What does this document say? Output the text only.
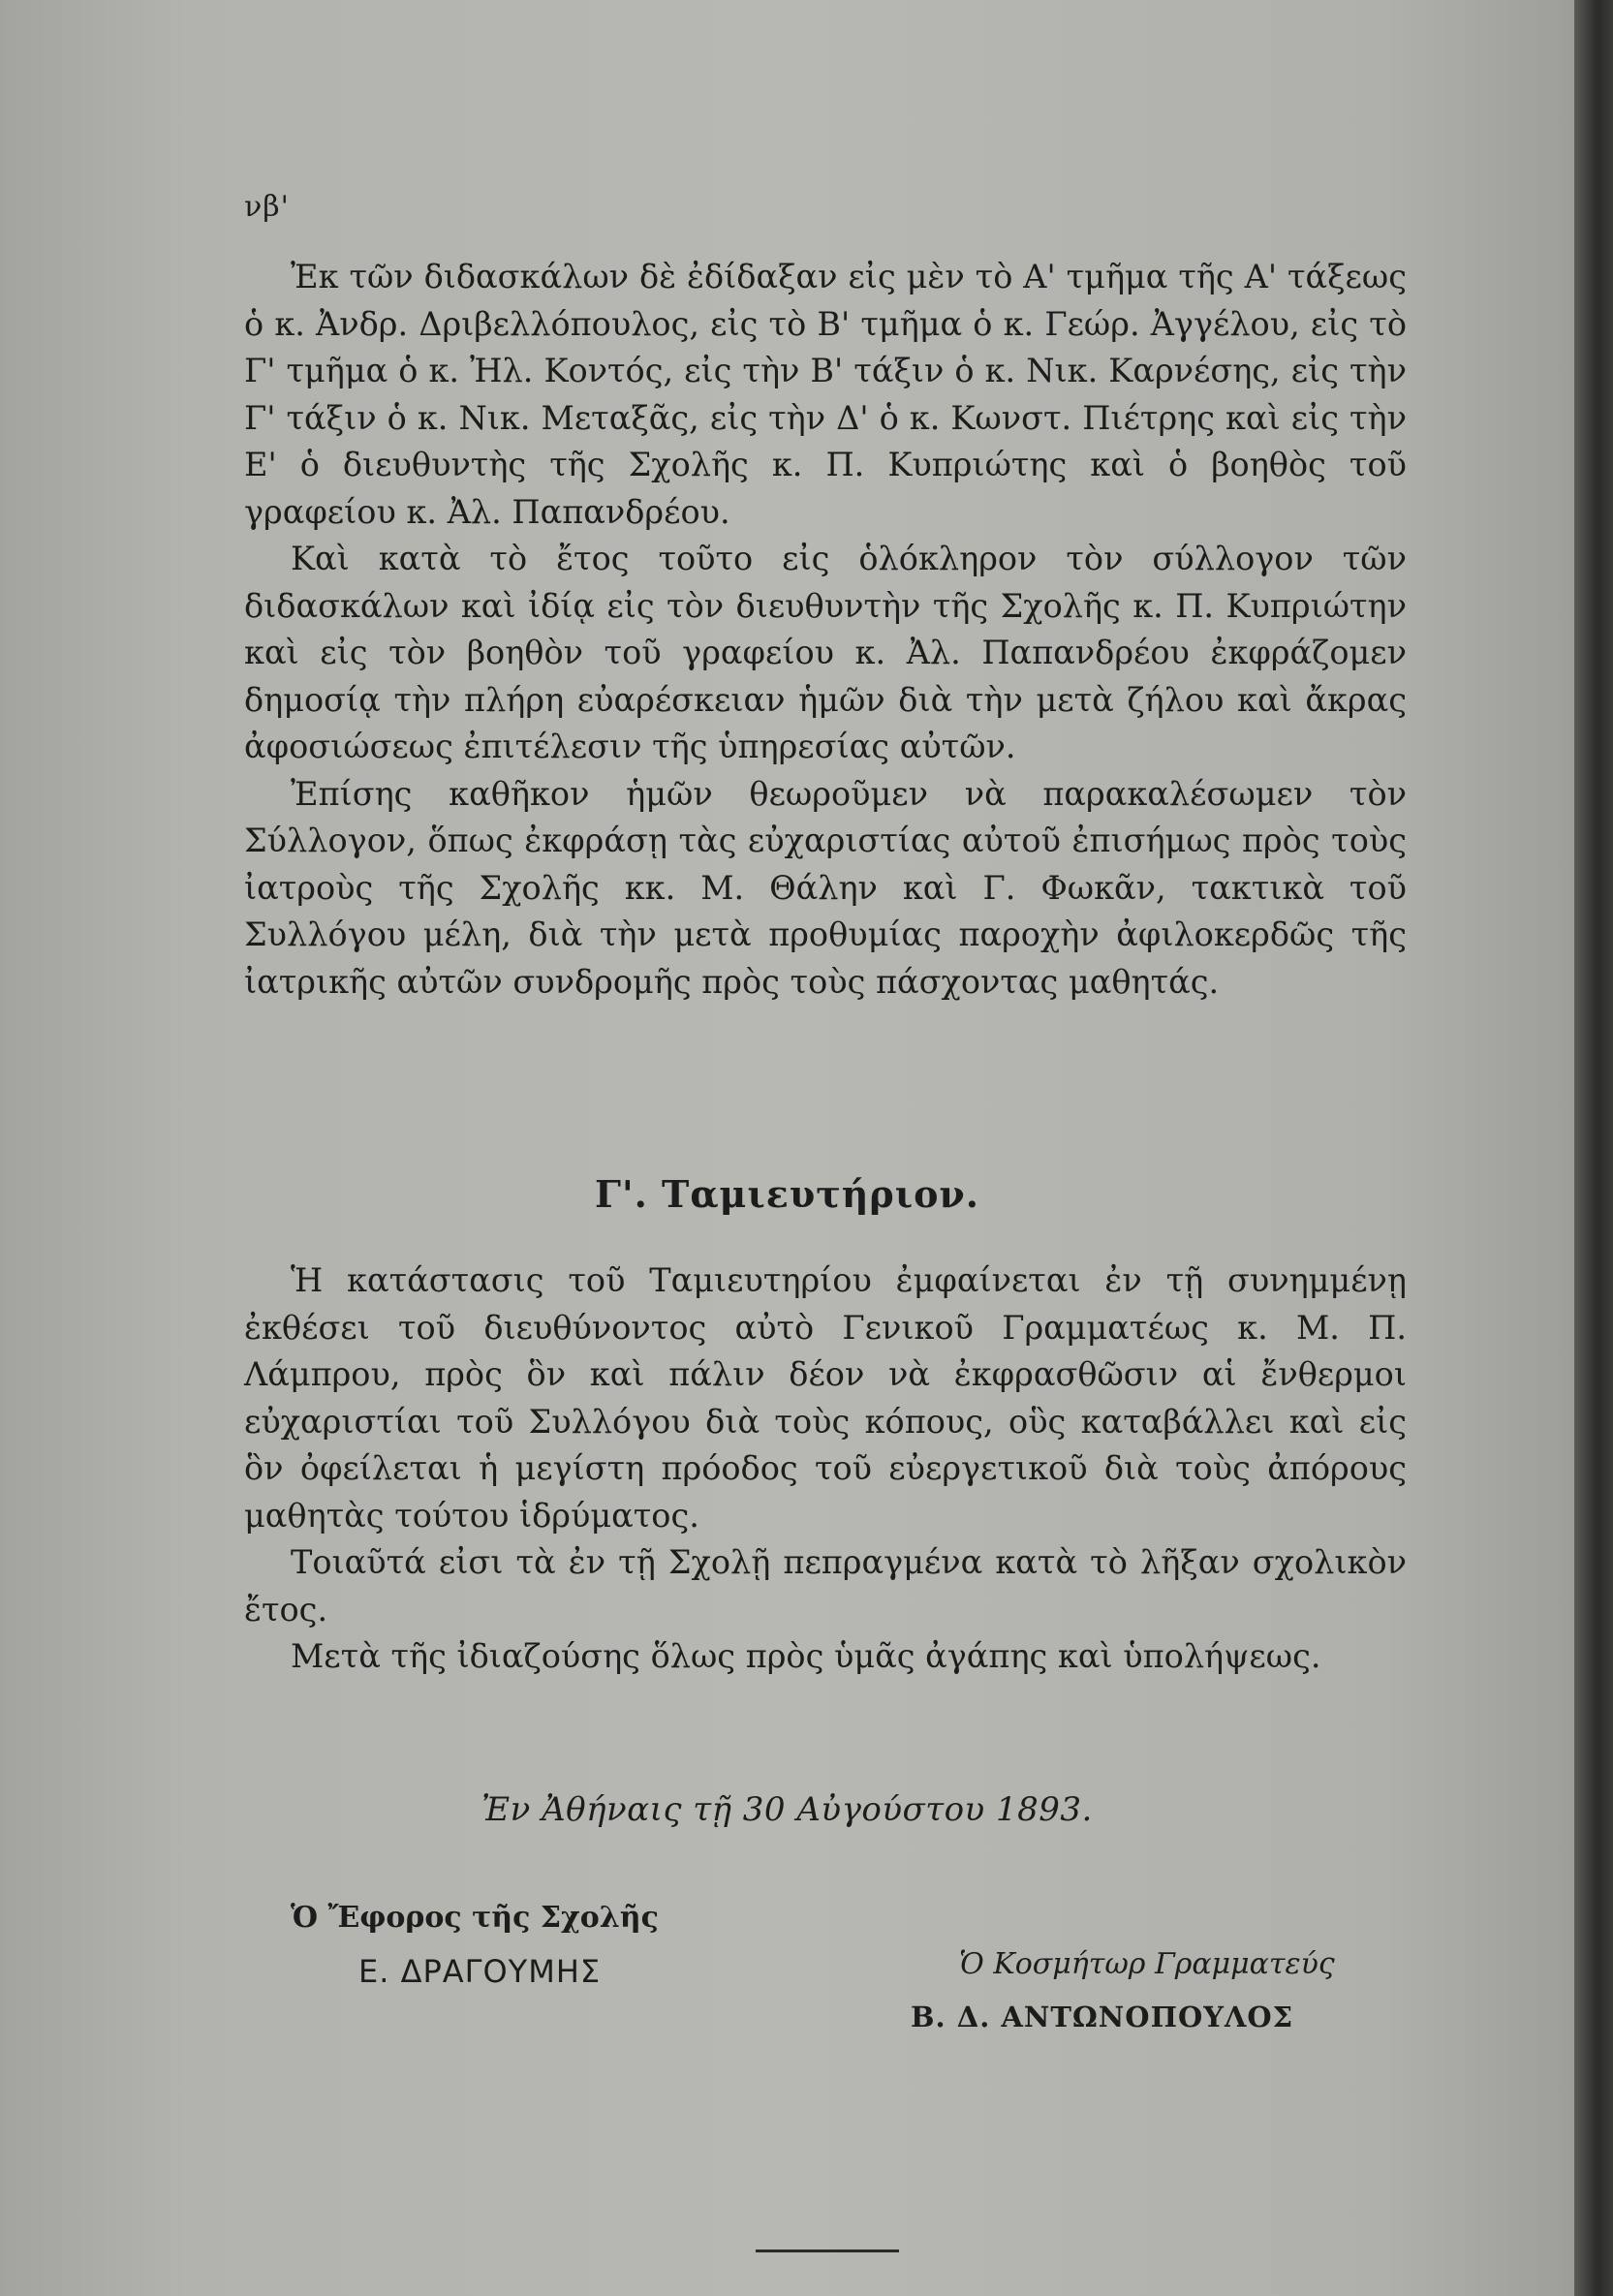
νβ'

Ἐκ τῶν διδασκάλων δὲ ἐδίδαξαν εἰς μὲν τὸ Α' τμῆμα τῆς Α' τάξεως ὁ κ. Ἀνδρ. Δριβελλόπουλος, εἰς τὸ Β' τμῆμα ὁ κ. Γεώρ. Ἀγγέλου, εἰς τὸ Γ' τμῆμα ὁ κ. Ἠλ. Κοντός, εἰς τὴν Β' τάξιν ὁ κ. Νικ. Καρνέσης, εἰς τὴν Γ' τάξιν ὁ κ. Νικ. Μεταξᾶς, εἰς τὴν Δ' ὁ κ. Κωνστ. Πιέτρης καὶ εἰς τὴν Ε' ὁ διευθυντὴς τῆς Σχολῆς κ. Π. Κυπριώτης καὶ ὁ βοηθὸς τοῦ γραφείου κ. Ἀλ. Παπανδρέου.

Καὶ κατὰ τὸ ἔτος τοῦτο εἰς ὁλόκληρον τὸν σύλλογον τῶν διδασκάλων καὶ ἰδίᾳ εἰς τὸν διευθυντὴν τῆς Σχολῆς κ. Π. Κυπριώτην καὶ εἰς τὸν βοηθὸν τοῦ γραφείου κ. Ἀλ. Παπανδρέου ἐκφράζομεν δημοσίᾳ τὴν πλήρη εὐαρέσκειαν ἡμῶν διὰ τὴν μετὰ ζήλου καὶ ἄκρας ἀφοσιώσεως ἐπιτέλεσιν τῆς ὑπηρεσίας αὐτῶν.

Ἐπίσης καθῆκον ἡμῶν θεωροῦμεν νὰ παρακαλέσωμεν τὸν Σύλλογον, ὅπως ἐκφράσῃ τὰς εὐχαριστίας αὐτοῦ ἐπισήμως πρὸς τοὺς ἰατροὺς τῆς Σχολῆς κκ. Μ. Θάλην καὶ Γ. Φωκᾶν, τακτικὰ τοῦ Συλλόγου μέλη, διὰ τὴν μετὰ προθυμίας παροχὴν ἀφιλοκερδῶς τῆς ἰατρικῆς αὐτῶν συνδρομῆς πρὸς τοὺς πάσχοντας μαθητάς.

Γ'. Ταμιευτήριον.

Ἡ κατάστασις τοῦ Ταμιευτηρίου ἐμφαίνεται ἐν τῇ συνημμένῃ ἐκθέσει τοῦ διευθύνοντος αὐτὸ Γενικοῦ Γραμματέως κ. Μ. Π. Λάμπρου, πρὸς ὃν καὶ πάλιν δέον νὰ ἐκφρασθῶσιν αἱ ἔνθερμοι εὐχαριστίαι τοῦ Συλλόγου διὰ τοὺς κόπους, οὓς καταβάλλει καὶ εἰς ὃν ὀφείλεται ἡ μεγίστη πρόοδος τοῦ εὐεργετικοῦ διὰ τοὺς ἀπόρους μαθητὰς τούτου ἱδρύματος.

Τοιαῦτά εἰσι τὰ ἐν τῇ Σχολῇ πεπραγμένα κατὰ τὸ λῆξαν σχολικὸν ἔτος.

Μετὰ τῆς ἰδιαζούσης ὅλως πρὸς ὑμᾶς ἀγάπης καὶ ὑπολήψεως.

Ἐν Ἀθήναις τῇ 30 Αὐγούστου 1893.
Ὁ Ἔφορος τῆς Σχολῆς
Ε. ΔΡΑΓΟΥΜΗΣ	Ὁ Κοσμήτωρ Γραμματεύς
Β. Δ. ΑΝΤΩΝΟΠΟΥΛΟΣ
